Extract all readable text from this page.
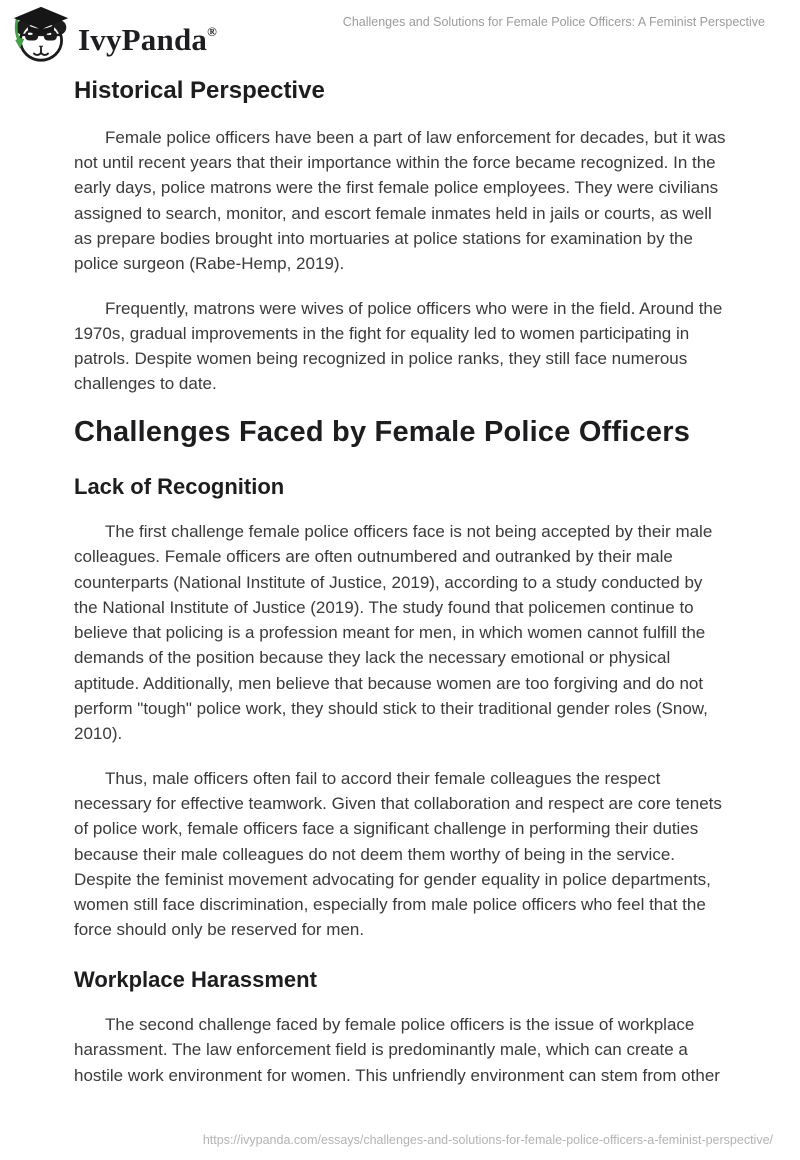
IvyPanda®
Challenges and Solutions for Female Police Officers: A Feminist Perspective
Historical Perspective

Female police officers have been a part of law enforcement for decades, but it was not until recent years that their importance within the force became recognized. In the early days, police matrons were the first female police employees. They were civilians assigned to search, monitor, and escort female inmates held in jails or courts, as well as prepare bodies brought into mortuaries at police stations for examination by the police surgeon (Rabe-Hemp, 2019).

Frequently, matrons were wives of police officers who were in the field. Around the 1970s, gradual improvements in the fight for equality led to women participating in patrols. Despite women being recognized in police ranks, they still face numerous challenges to date.

Challenges Faced by Female Police Officers
Lack of Recognition

The first challenge female police officers face is not being accepted by their male colleagues. Female officers are often outnumbered and outranked by their male counterparts (National Institute of Justice, 2019), according to a study conducted by the National Institute of Justice (2019). The study found that policemen continue to believe that policing is a profession meant for men, in which women cannot fulfill the demands of the position because they lack the necessary emotional or physical aptitude. Additionally, men believe that because women are too forgiving and do not perform "tough" police work, they should stick to their traditional gender roles (Snow, 2010).

Thus, male officers often fail to accord their female colleagues the respect necessary for effective teamwork. Given that collaboration and respect are core tenets of police work, female officers face a significant challenge in performing their duties because their male colleagues do not deem them worthy of being in the service. Despite the feminist movement advocating for gender equality in police departments, women still face discrimination, especially from male police officers who feel that the force should only be reserved for men.

Workplace Harassment

The second challenge faced by female police officers is the issue of workplace harassment. The law enforcement field is predominantly male, which can create a hostile work environment for women. This unfriendly environment can stem from other

https://ivypanda.com/essays/challenges-and-solutions-for-female-police-officers-a-feminist-perspective/
